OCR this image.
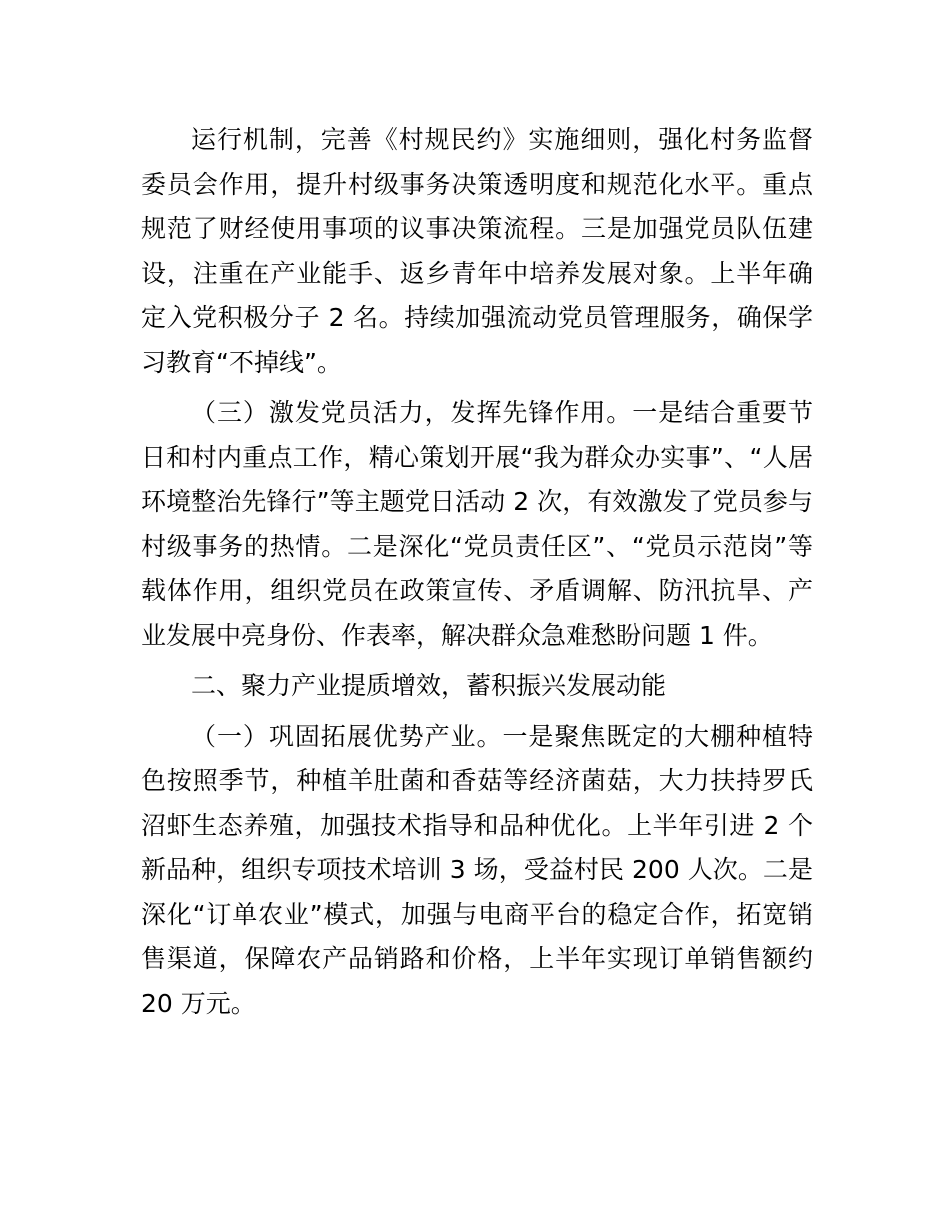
运行机制，完善《村规民约》实施细则，强化村务监督委员会作用，提升村级事务决策透明度和规范化水平。重点规范了财经使用事项的议事决策流程。三是加强党员队伍建设，注重在产业能手、返乡青年中培养发展对象。上半年确定入党积极分子 2 名。持续加强流动党员管理服务，确保学习教育“不掉线”。

（三）激发党员活力，发挥先锋作用。一是结合重要节日和村内重点工作，精心策划开展“我为群众办实事”、“人居环境整治先锋行”等主题党日活动 2 次，有效激发了党员参与村级事务的热情。二是深化“党员责任区”、“党员示范岗”等载体作用，组织党员在政策宣传、矛盾调解、防汛抗旱、产业发展中亮身份、作表率，解决群众急难愁盼问题 1 件。

二、聚力产业提质增效，蓄积振兴发展动能

（一）巩固拓展优势产业。一是聚焦既定的大棚种植特色按照季节，种植羊肚菌和香菇等经济菌菇，大力扶持罗氏沼虾生态养殖，加强技术指导和品种优化。上半年引进 2 个新品种，组织专项技术培训 3 场，受益村民 200 人次。二是深化“订单农业”模式，加强与电商平台的稳定合作，拓宽销售渠道，保障农产品销路和价格，上半年实现订单销售额约 20 万元。
